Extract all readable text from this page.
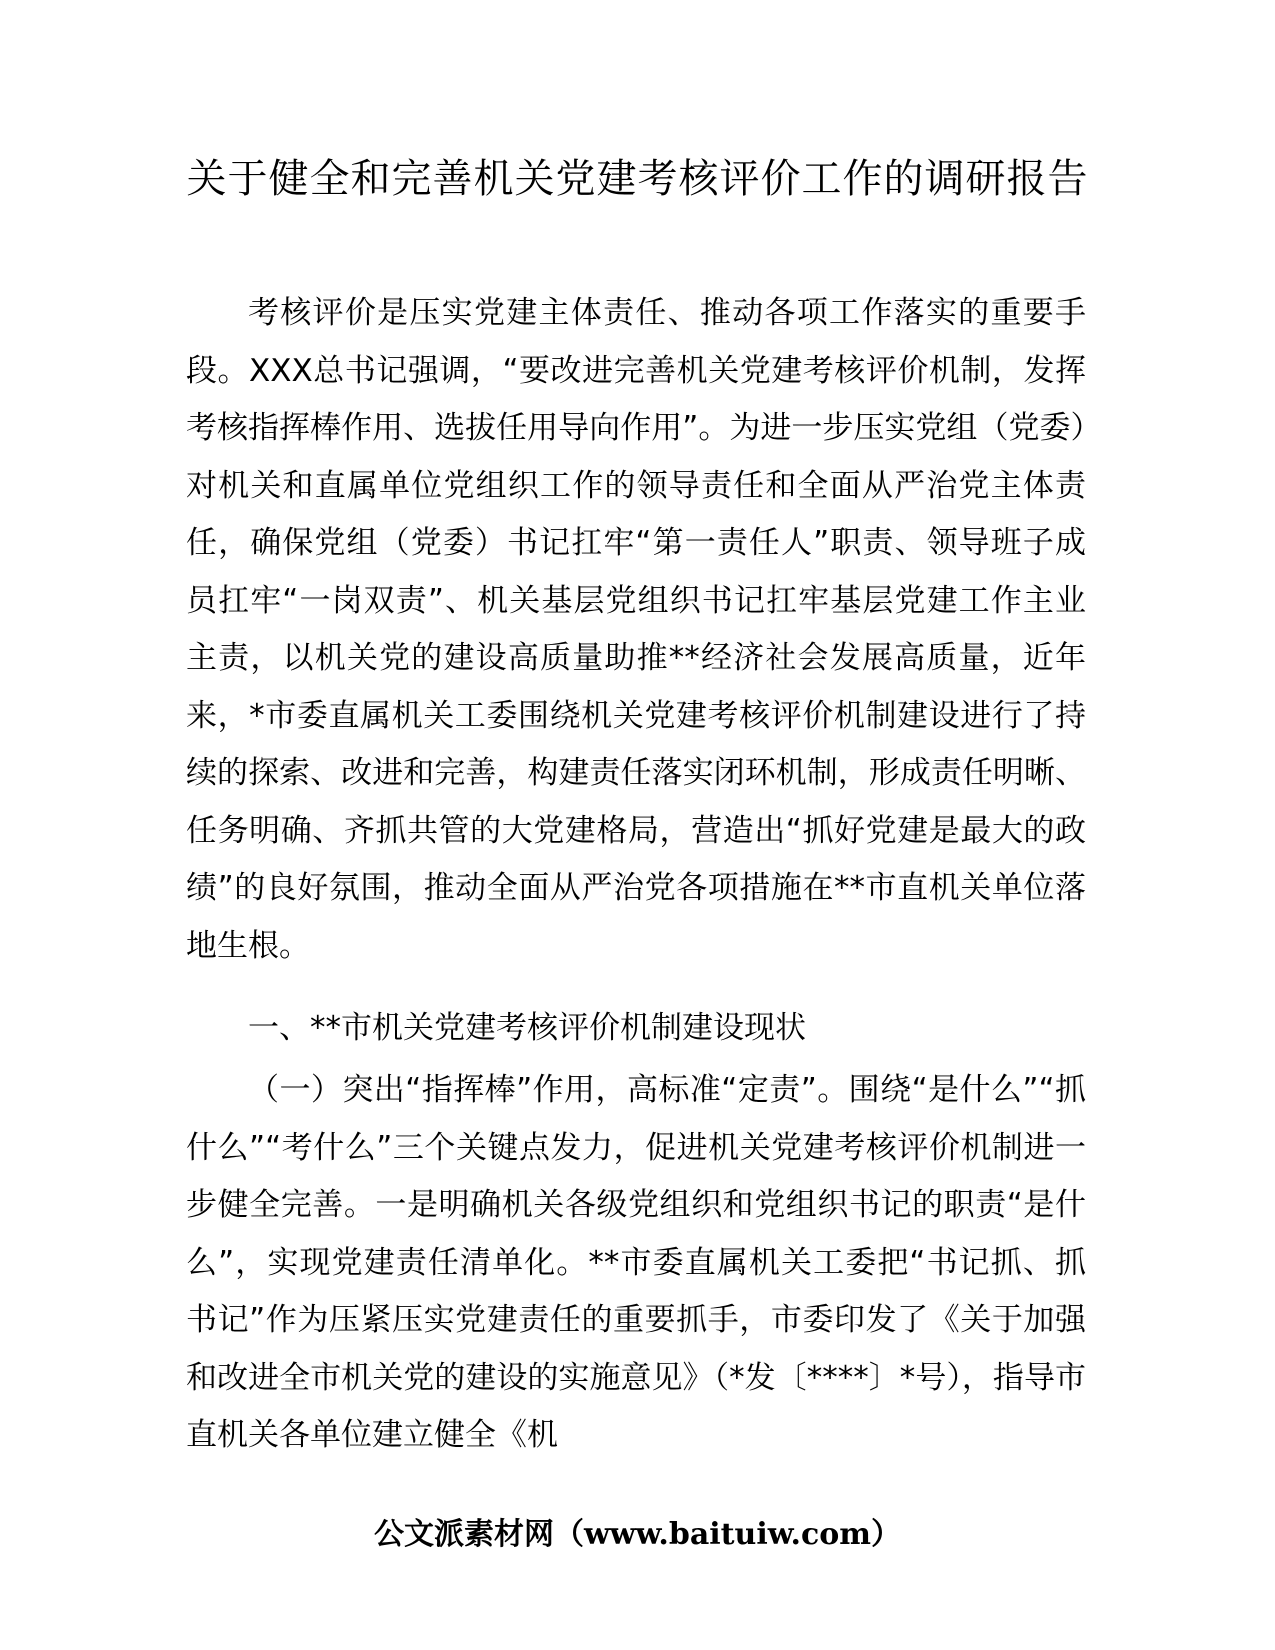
关于健全和完善机关党建考核评价工作的调研报告

考核评价是压实党建主体责任、推动各项工作落实的重要手段。XXX总书记强调，“要改进完善机关党建考核评价机制，发挥考核指挥棒作用、选拔任用导向作用”。为进一步压实党组（党委）对机关和直属单位党组织工作的领导责任和全面从严治党主体责任，确保党组（党委）书记扛牢“第一责任人”职责、领导班子成员扛牢“一岗双责”、机关基层党组织书记扛牢基层党建工作主业主责，以机关党的建设高质量助推**经济社会发展高质量，近年来，*市委直属机关工委围绕机关党建考核评价机制建设进行了持续的探索、改进和完善，构建责任落实闭环机制，形成责任明晰、任务明确、齐抓共管的大党建格局，营造出“抓好党建是最大的政绩”的良好氛围，推动全面从严治党各项措施在**市直机关单位落地生根。

一、**市机关党建考核评价机制建设现状

（一）突出“指挥棒”作用，高标准“定责”。围绕“是什么”“抓什么”“考什么”三个关键点发力，促进机关党建考核评价机制进一步健全完善。一是明确机关各级党组织和党组织书记的职责“是什么”，实现党建责任清单化。**市委直属机关工委把“书记抓、抓书记”作为压紧压实党建责任的重要抓手，市委印发了《关于加强和改进全市机关党的建设的实施意见》（*发〔****〕*号），指导市直机关各单位建立健全《机

公文派素材网（www.baituiw.com）
